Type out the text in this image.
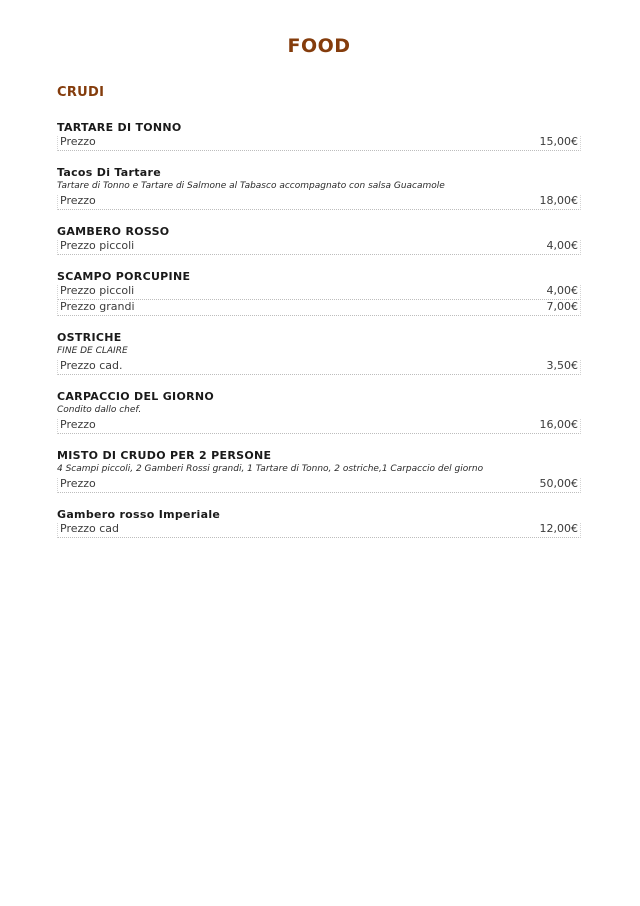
FOOD
CRUDI
TARTARE DI TONNO
Prezzo	15,00€
Tacos Di Tartare
Tartare di Tonno e Tartare di Salmone al Tabasco accompagnato con salsa Guacamole
Prezzo	18,00€
GAMBERO ROSSO
Prezzo piccoli	4,00€
SCAMPO PORCUPINE
Prezzo piccoli	4,00€
Prezzo grandi	7,00€
OSTRICHE
FINE DE CLAIRE
Prezzo cad.	3,50€
CARPACCIO DEL GIORNO
Condito dallo chef.
Prezzo	16,00€
MISTO DI CRUDO PER 2 PERSONE
4 Scampi piccoli, 2 Gamberi Rossi grandi, 1 Tartare di Tonno, 2 ostriche,1 Carpaccio del giorno
Prezzo	50,00€
Gambero rosso Imperiale
Prezzo cad	12,00€
